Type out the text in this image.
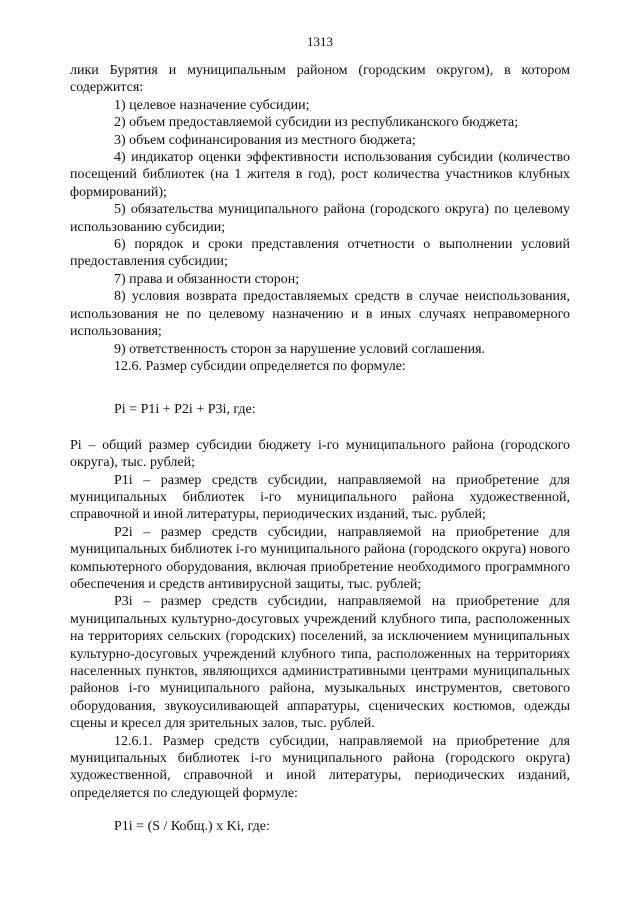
1313

лики Бурятия и муниципальным районом (городским округом), в котором содержится:

1) целевое назначение субсидии;

2) объем предоставляемой субсидии из республиканского бюджета;

3) объем софинансирования из местного бюджета;

4) индикатор оценки эффективности использования субсидии (количество посещений библиотек (на 1 жителя в год), рост количества участников клубных формирований);

5) обязательства муниципального района (городского округа) по целевому использованию субсидии;

6) порядок и сроки представления отчетности о выполнении условий предоставления субсидии;

7) права и обязанности сторон;

8) условия возврата предоставляемых средств в случае неиспользования, использования не по целевому назначению и в иных случаях неправомерного использования;

9) ответственность сторон за нарушение условий соглашения.

12.6. Размер субсидии определяется по формуле:

Pi = P1i + P2i + P3i, где:

Pi – общий размер субсидии бюджету i-го муниципального района (городского округа), тыс. рублей;

P1i – размер средств субсидии, направляемой на приобретение для муниципальных библиотек i-го муниципального района художественной, справочной и иной литературы, периодических изданий, тыс. рублей;

P2i – размер средств субсидии, направляемой на приобретение для муниципальных библиотек i-го муниципального района (городского округа) нового компьютерного оборудования, включая приобретение необходимого программного обеспечения и средств антивирусной защиты, тыс. рублей;

P3i – размер средств субсидии, направляемой на приобретение для муниципальных культурно-досуговых учреждений клубного типа, расположенных на территориях сельских (городских) поселений, за исключением муниципальных культурно-досуговых учреждений клубного типа, расположенных на территориях населенных пунктов, являющихся административными центрами муниципальных районов i-го муниципального района, музыкальных инструментов, светового оборудования, звукоусиливающей аппаратуры, сценических костюмов, одежды сцены и кресел для зрительных залов, тыс. рублей.

12.6.1. Размер средств субсидии, направляемой на приобретение для муниципальных библиотек i-го муниципального района (городского округа) художественной, справочной и иной литературы, периодических изданий, определяется по следующей формуле:

P1i = (S / Кобщ.) x Ki, где:
